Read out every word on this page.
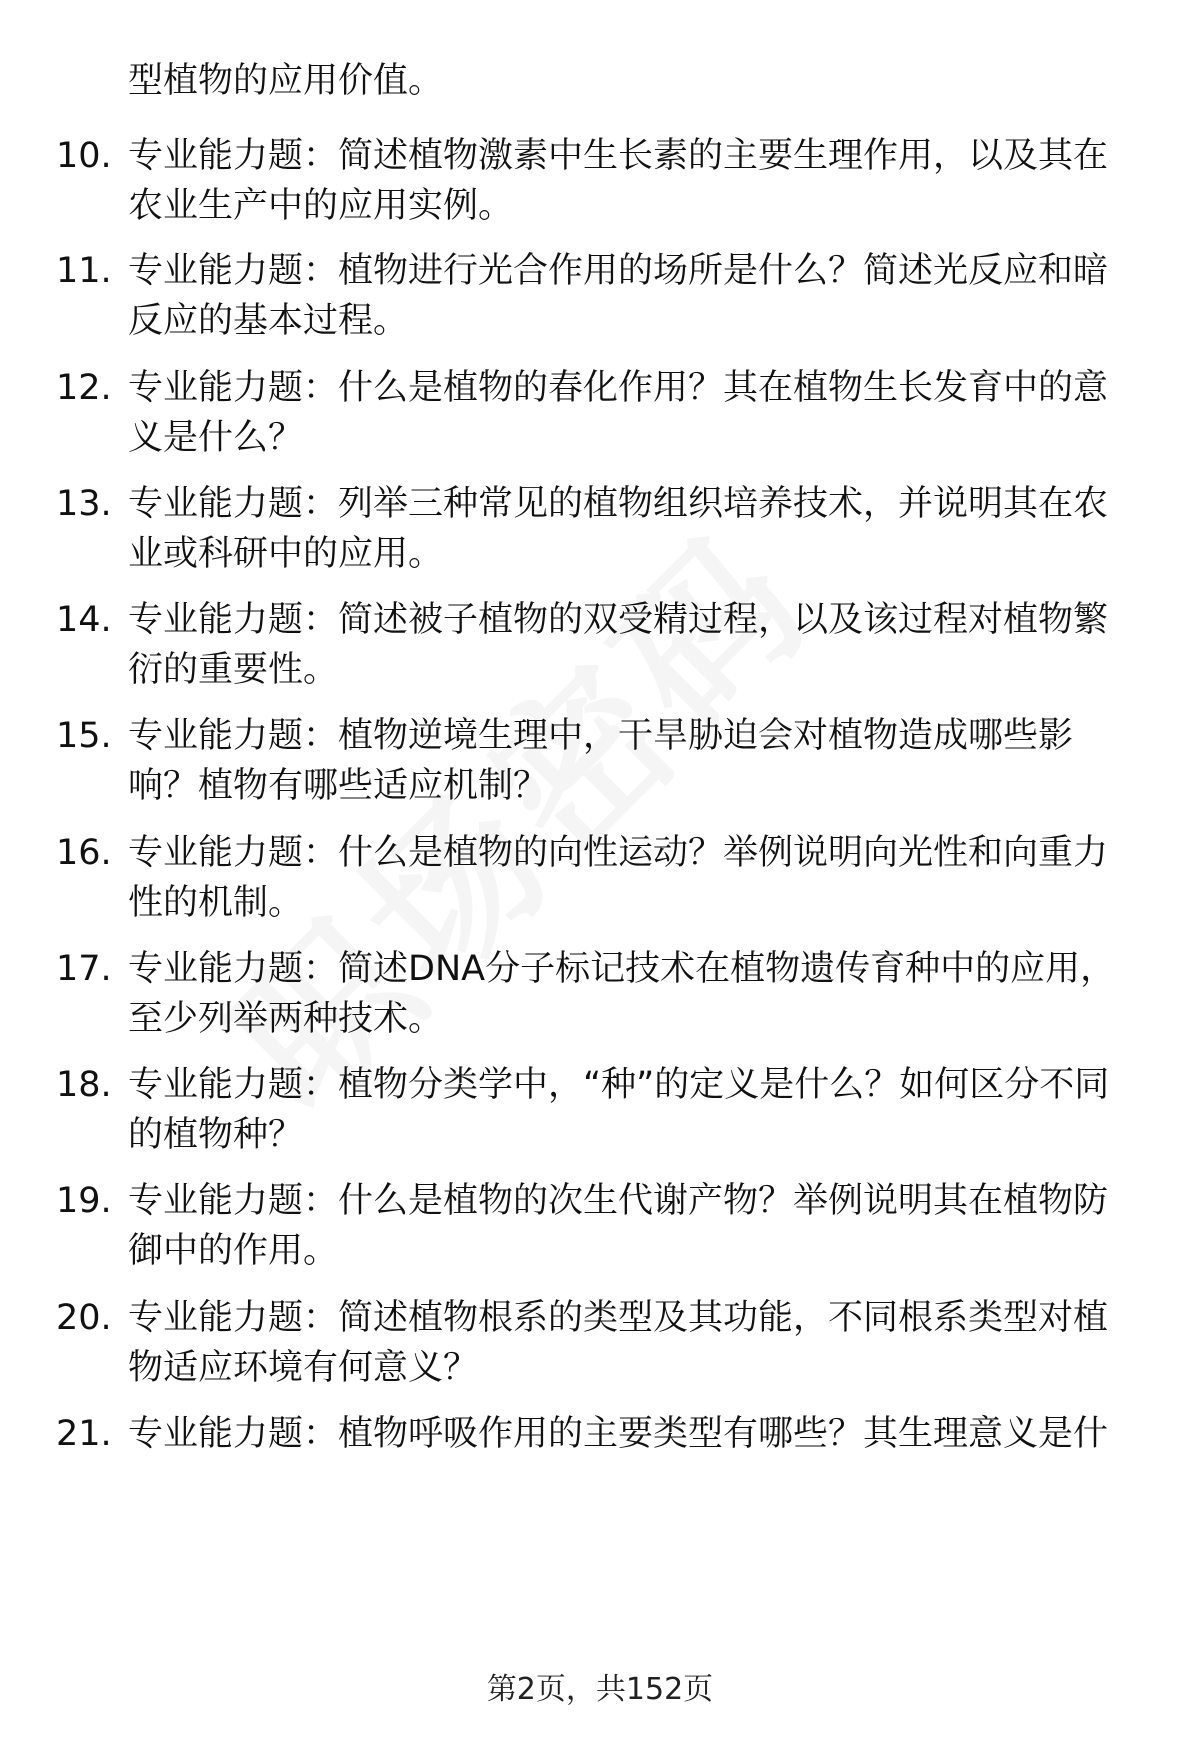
型植物的应用价值。

10. 专业能力题：简述植物激素中生长素的主要生理作用，以及其在农业生产中的应用实例。

11. 专业能力题：植物进行光合作用的场所是什么？简述光反应和暗反应的基本过程。

12. 专业能力题：什么是植物的春化作用？其在植物生长发育中的意义是什么？

13. 专业能力题：列举三种常见的植物组织培养技术，并说明其在农业或科研中的应用。

14. 专业能力题：简述被子植物的双受精过程，以及该过程对植物繁衍的重要性。

15. 专业能力题：植物逆境生理中，干旱胁迫会对植物造成哪些影响？植物有哪些适应机制？

16. 专业能力题：什么是植物的向性运动？举例说明向光性和向重力性的机制。

17. 专业能力题：简述DNA分子标记技术在植物遗传育种中的应用，至少列举两种技术。

18. 专业能力题：植物分类学中，“种”的定义是什么？如何区分不同的植物种？

19. 专业能力题：什么是植物的次生代谢产物？举例说明其在植物防御中的作用。

20. 专业能力题：简述植物根系的类型及其功能，不同根系类型对植物适应环境有何意义？

21. 专业能力题：植物呼吸作用的主要类型有哪些？其生理意义是什

第2页，共152页
